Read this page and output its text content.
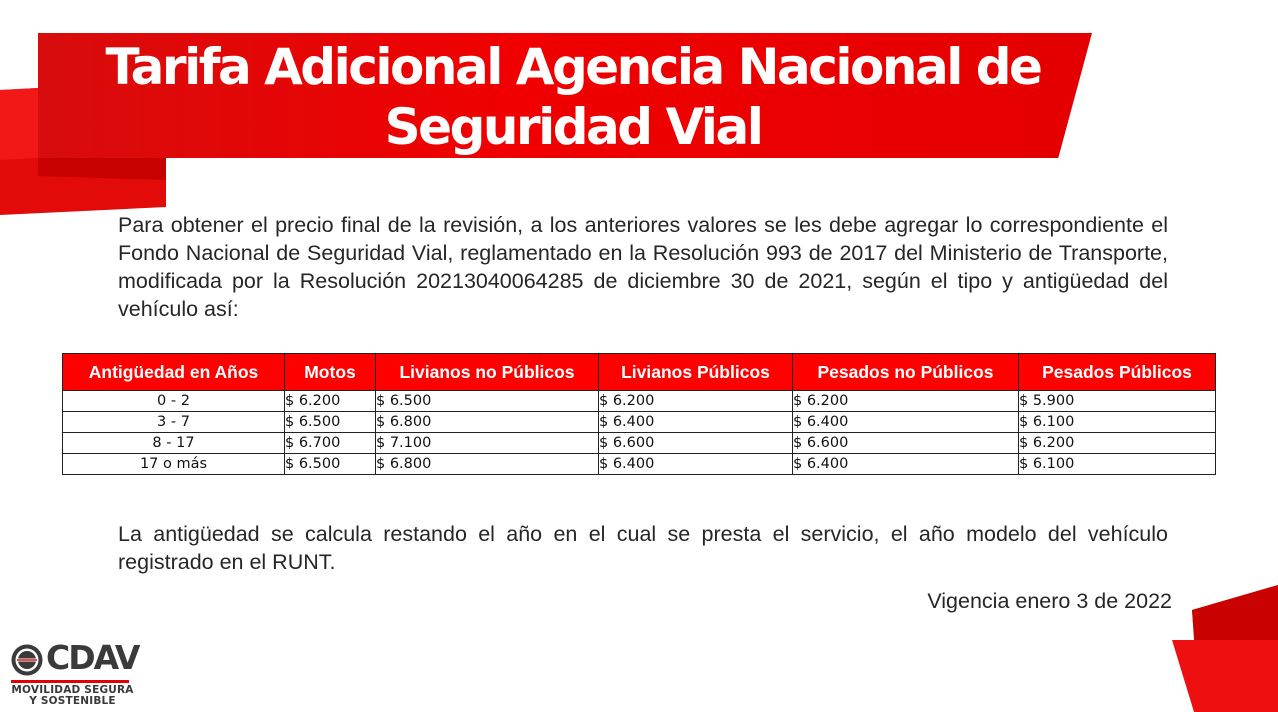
Tarifa Adicional Agencia Nacional de
Seguridad Vial

Para obtener el precio final de la revisión, a los anteriores valores se les debe agregar lo correspondiente el Fondo Nacional de Seguridad Vial, reglamentado en la Resolución 993 de 2017 del Ministerio de Transporte, modificada por la Resolución 20213040064285 de diciembre 30 de 2021, según el tipo y antigüedad del vehículo así:

Antigüedad en Años	Motos	Livianos no Públicos	Livianos Públicos	Pesados no Públicos	Pesados Públicos
0 - 2	$ 6.200	$ 6.500	$ 6.200	$ 6.200	$ 5.900
3 - 7	$ 6.500	$ 6.800	$ 6.400	$ 6.400	$ 6.100
8 - 17	$ 6.700	$ 7.100	$ 6.600	$ 6.600	$ 6.200
17 o más	$ 6.500	$ 6.800	$ 6.400	$ 6.400	$ 6.100

La antigüedad se calcula restando el año en el cual se presta el servicio, el año modelo del vehículo registrado en el RUNT.

Vigencia enero 3 de 2022
CDAV
MOVILIDAD SEGURA
Y SOSTENIBLE
